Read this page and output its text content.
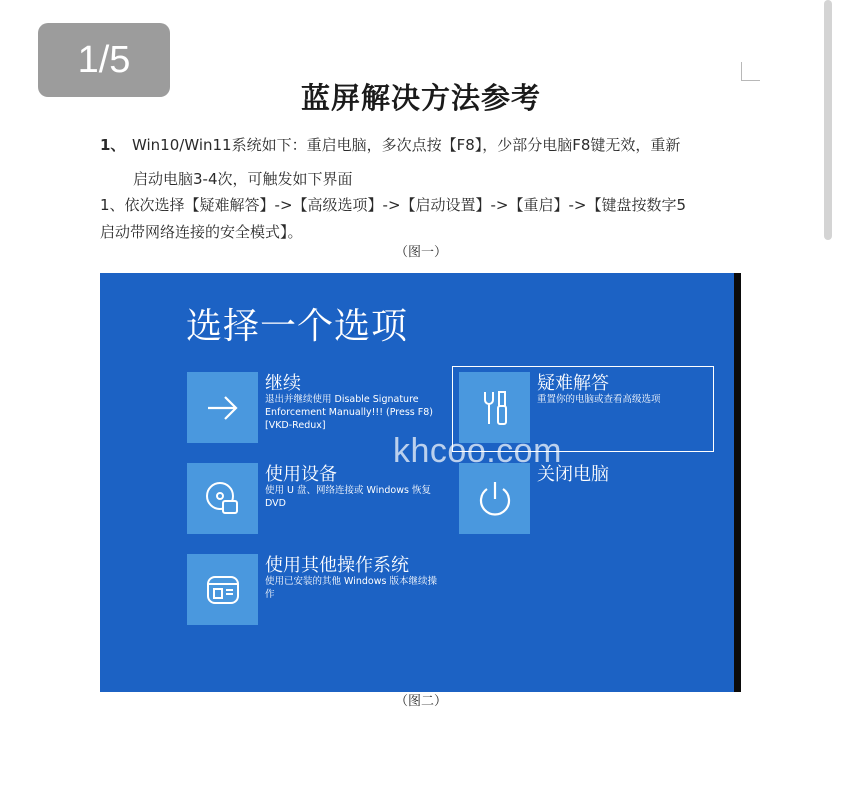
1/5
蓝屏解决方法参考
1、 Win10/Win11系统如下：重启电脑，多次点按【F8】，少部分电脑F8键无效，重新
启动电脑3-4次，可触发如下界面
1、依次选择【疑难解答】->【高级选项】->【启动设置】->【重启】->【键盘按数字5
启动带网络连接的安全模式】。
（图一）
选择一个选项
继续
退出并继续使用 Disable Signature Enforcement Manually!!! (Press F8) [VKD-Redux]
疑难解答
重置你的电脑或查看高级选项
使用设备
使用 U 盘、网络连接或 Windows 恢复 DVD
关闭电脑
使用其他操作系统
使用已安装的其他 Windows 版本继续操作
khcoo.com
（图二）
